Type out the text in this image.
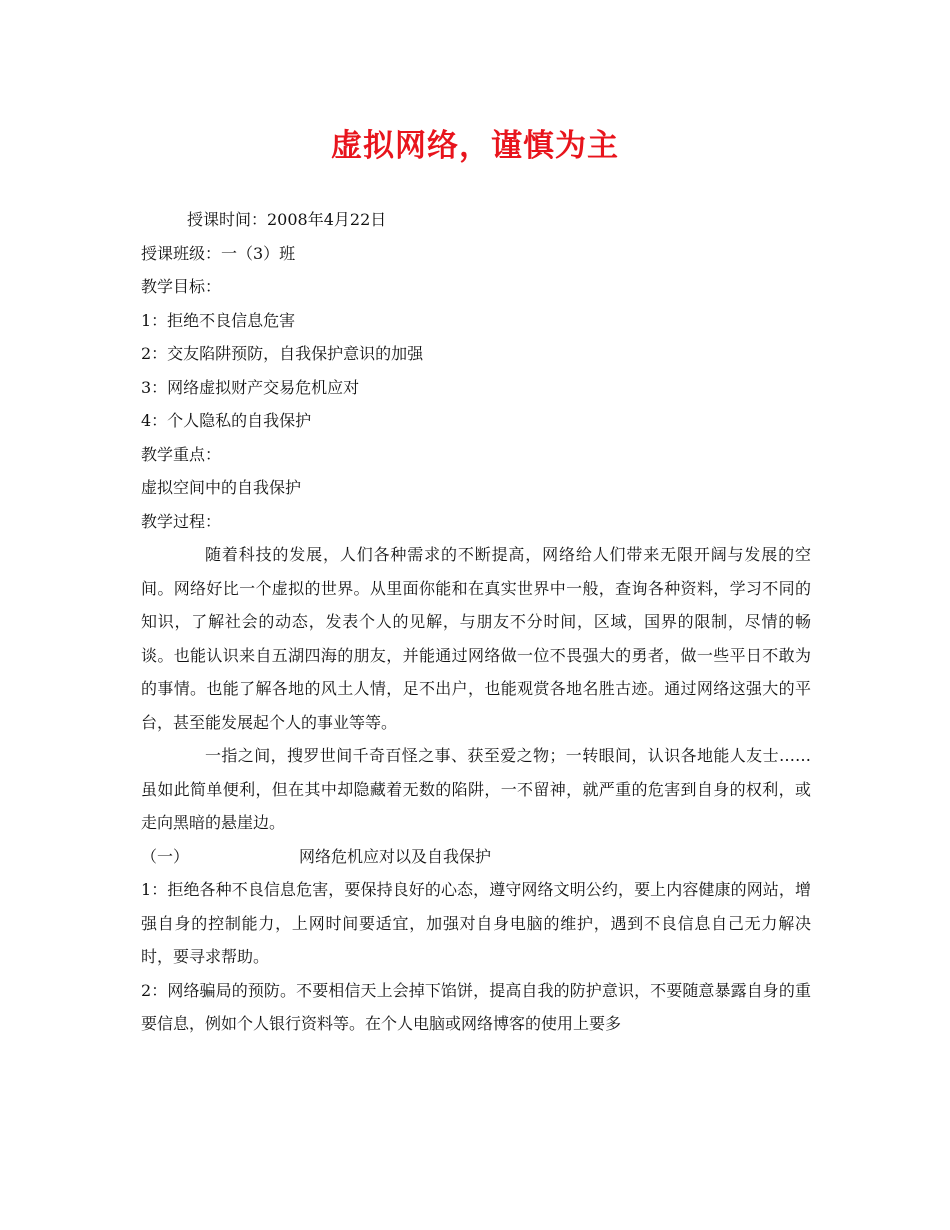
虚拟网络，谨慎为主
授课时间：2008年4月22日
授课班级：一（3）班
教学目标：
1：拒绝不良信息危害
2：交友陷阱预防，自我保护意识的加强
3：网络虚拟财产交易危机应对
4：个人隐私的自我保护
教学重点：
虚拟空间中的自我保护
教学过程：

随着科技的发展，人们各种需求的不断提高，网络给人们带来无限开阔与发展的空间。网络好比一个虚拟的世界。从里面你能和在真实世界中一般，查询各种资料，学习不同的知识，了解社会的动态，发表个人的见解，与朋友不分时间，区域，国界的限制，尽情的畅谈。也能认识来自五湖四海的朋友，并能通过网络做一位不畏强大的勇者，做一些平日不敢为的事情。也能了解各地的风土人情，足不出户，也能观赏各地名胜古迹。通过网络这强大的平台，甚至能发展起个人的事业等等。

一指之间，搜罗世间千奇百怪之事、获至爱之物；一转眼间，认识各地能人友士……虽如此简单便利，但在其中却隐藏着无数的陷阱，一不留神，就严重的危害到自身的权利，或走向黑暗的悬崖边。

（一）	网络危机应对以及自我保护

1：拒绝各种不良信息危害，要保持良好的心态，遵守网络文明公约，要上内容健康的网站，增强自身的控制能力，上网时间要适宜，加强对自身电脑的维护，遇到不良信息自己无力解决时，要寻求帮助。

2：网络骗局的预防。不要相信天上会掉下馅饼，提高自我的防护意识，不要随意暴露自身的重要信息，例如个人银行资料等。在个人电脑或网络博客的使用上要多
